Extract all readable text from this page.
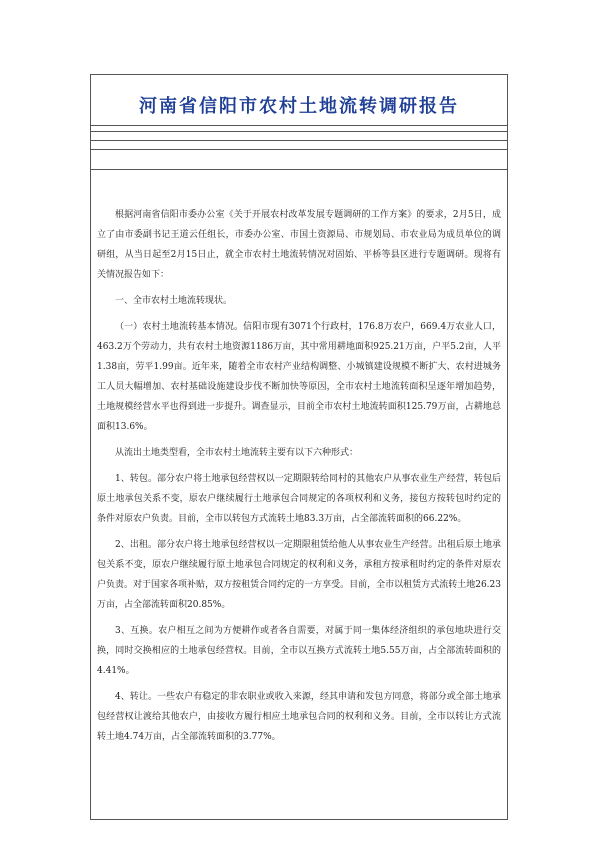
河南省信阳市农村土地流转调研报告

根据河南省信阳市委办公室《关于开展农村改革发展专题调研的工作方案》的要求，2月5日，成立了由市委副书记王道云任组长，市委办公室、市国土资源局、市规划局、市农业局为成员单位的调研组，从当日起至2月15日止，就全市农村土地流转情况对固始、平桥等县区进行专题调研。现将有关情况报告如下：

一、全市农村土地流转现状。

（一）农村土地流转基本情况。信阳市现有3071个行政村，176.8万农户，669.4万农业人口，463.2万个劳动力，共有农村土地资源1186万亩，其中常用耕地面积925.21万亩，户平5.2亩，人平1.38亩，劳平1.99亩。近年来，随着全市农村产业结构调整、小城镇建设规模不断扩大、农村进城务工人员大幅增加、农村基础设施建设步伐不断加快等原因，全市农村土地流转面积呈逐年增加趋势，土地规模经营水平也得到进一步提升。调查显示，目前全市农村土地流转面积125.79万亩，占耕地总面积13.6%。

从流出土地类型看，全市农村土地流转主要有以下六种形式：

1、转包。部分农户将土地承包经营权以一定期限转给同村的其他农户从事农业生产经营，转包后原土地承包关系不变，原农户继续履行土地承包合同规定的各项权利和义务，接包方按转包时约定的条件对原农户负责。目前，全市以转包方式流转土地83.3万亩，占全部流转面积的66.22%。

2、出租。部分农户将土地承包经营权以一定期限租赁给他人从事农业生产经营。出租后原土地承包关系不变，原农户继续履行原土地承包合同规定的权利和义务，承租方按承租时约定的条件对原农户负责。对于国家各项补贴，双方按租赁合同约定的一方享受。目前，全市以租赁方式流转土地26.23万亩，占全部流转面积20.85%。

3、互换。农户相互之间为方便耕作或者各自需要，对属于同一集体经济组织的承包地块进行交换，同时交换相应的土地承包经营权。目前，全市以互换方式流转土地5.55万亩，占全部流转面积的4.41%。

4、转让。一些农户有稳定的非农职业或收入来源，经其申请和发包方同意，将部分或全部土地承包经营权让渡给其他农户，由接收方履行相应土地承包合同的权利和义务。目前，全市以转让方式流转土地4.74万亩，占全部流转面积的3.77%。
